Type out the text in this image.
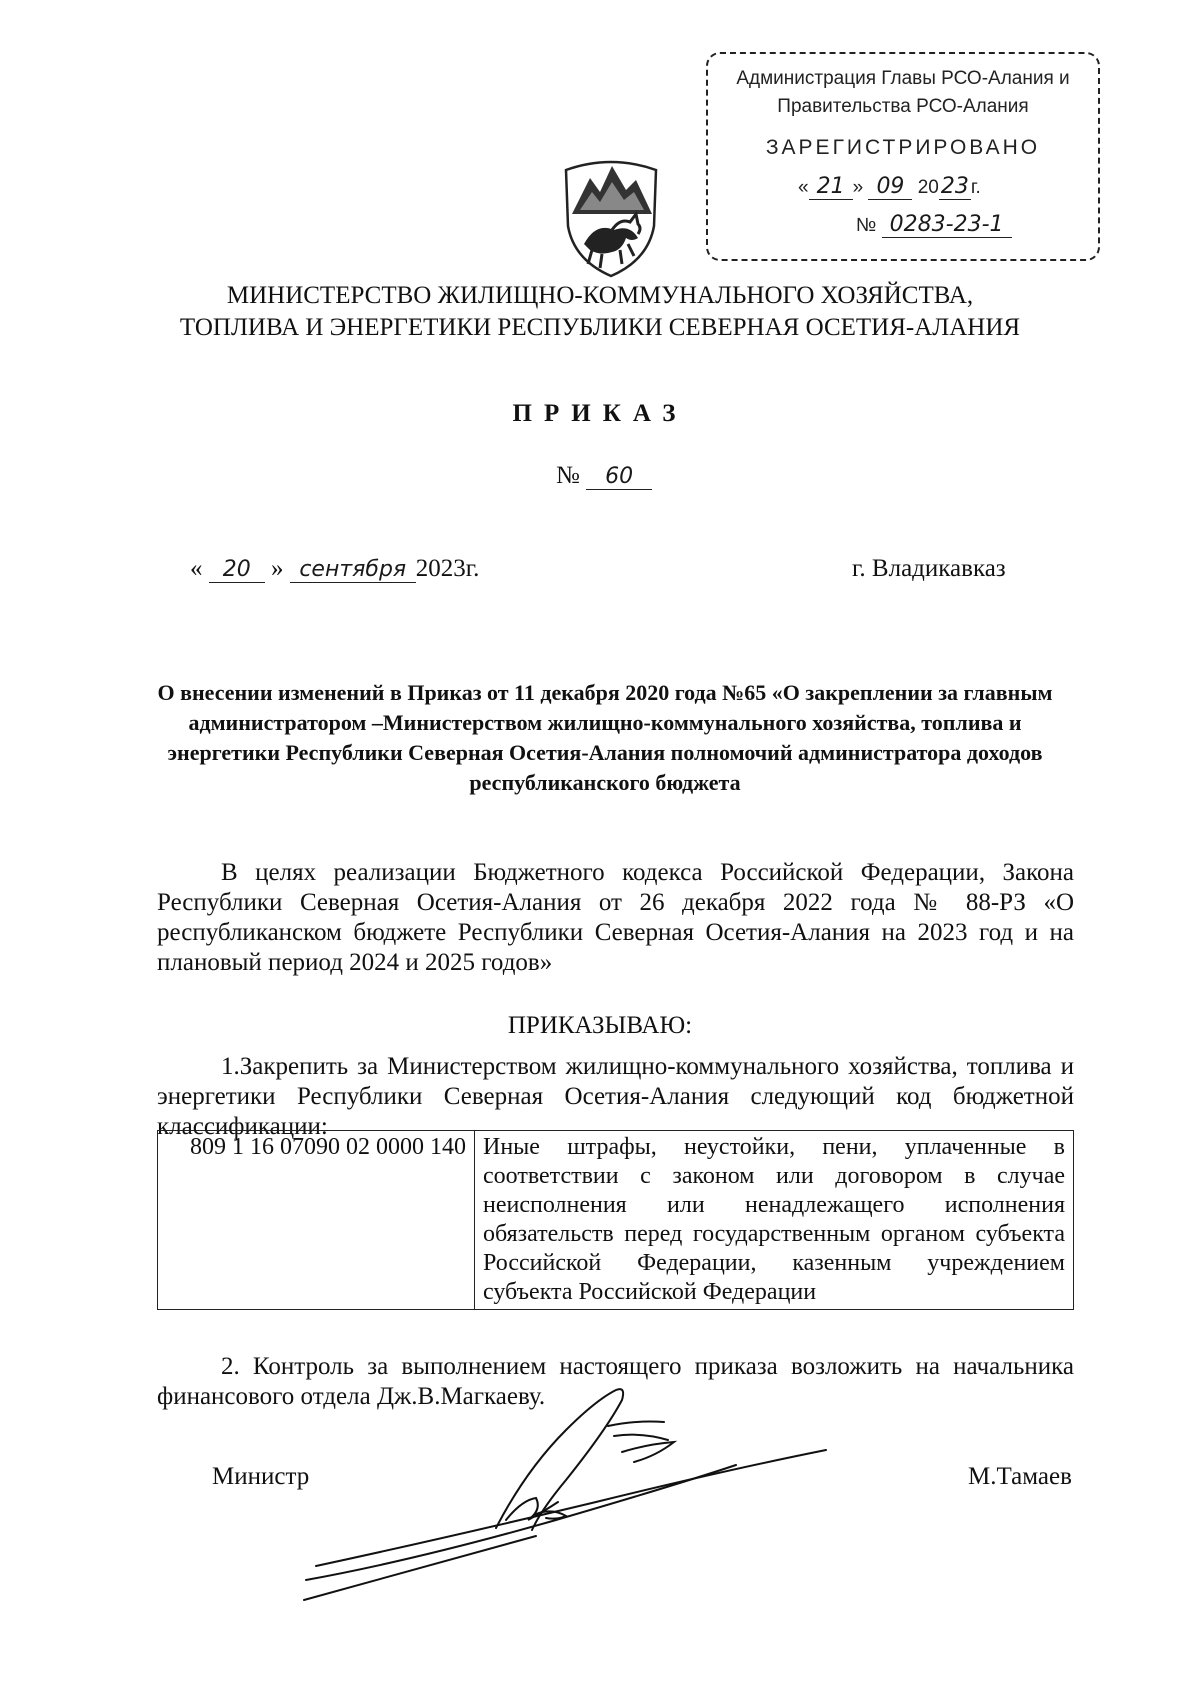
Администрация Главы РСО-Алания и
Правительства РСО-Алания
ЗАРЕГИСТРИРОВАНО
« 21 » 09 2023 г.
№ 0283-23-1
МИНИСТЕРСТВО ЖИЛИЩНО-КОММУНАЛЬНОГО ХОЗЯЙСТВА,
ТОПЛИВА И ЭНЕРГЕТИКИ РЕСПУБЛИКИ СЕВЕРНАЯ ОСЕТИЯ-АЛАНИЯ
ПРИКАЗ
№ 60
« 20 » сентября 2023г.	г. Владикавказ
О внесении изменений в Приказ от 11 декабря 2020 года №65 «О закреплении за главным администратором –Министерством жилищно-коммунального хозяйства, топлива и энергетики Республики Северная Осетия-Алания полномочий администратора доходов республиканского бюджета
В целях реализации Бюджетного кодекса Российской Федерации, Закона Республики Северная Осетия-Алания от 26 декабря 2022 года № 88-РЗ «О республиканском бюджете Республики Северная Осетия-Алания на 2023 год и на плановый период 2024 и 2025 годов»
ПРИКАЗЫВАЮ:
1.Закрепить за Министерством жилищно-коммунального хозяйства, топлива и энергетики Республики Северная Осетия-Алания следующий код бюджетной классификации:
809 1 16 07090 02 0000 140	Иные штрафы, неустойки, пени, уплаченные в соответствии с законом или договором в случае неисполнения или ненадлежащего исполнения обязательств перед государственным органом субъекта Российской Федерации, казенным учреждением субъекта Российской Федерации
2. Контроль за выполнением настоящего приказа возложить на начальника финансового отдела Дж.В.Магкаеву.
Министр	М.Тамаев
